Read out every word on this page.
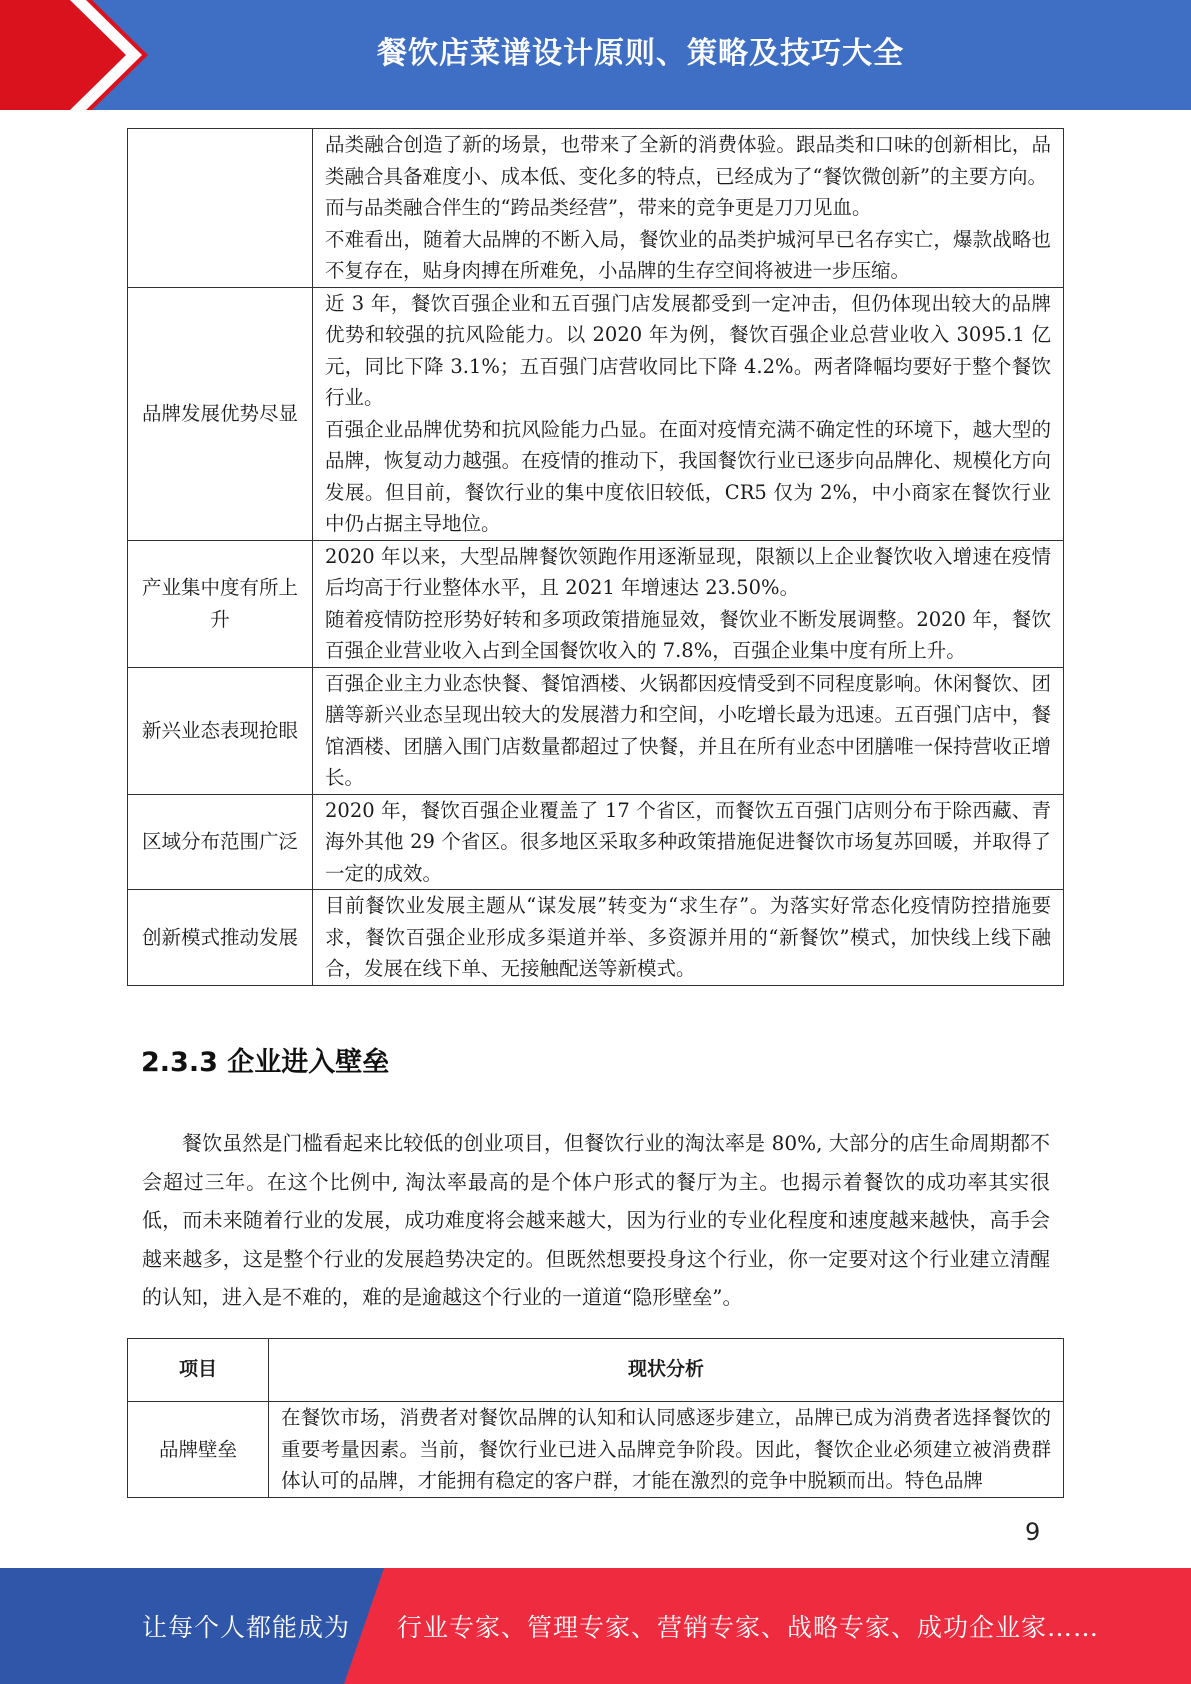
餐饮店菜谱设计原则、策略及技巧大全

	品类融合创造了新的场景，也带来了全新的消费体验。跟品类和口味的创新相比，品类融合具备难度小、成本低、变化多的特点，已经成为了“餐饮微创新”的主要方向。

而与品类融合伴生的“跨品类经营”，带来的竞争更是刀刀见血。

不难看出，随着大品牌的不断入局，餐饮业的品类护城河早已名存实亡，爆款战略也不复存在，贴身肉搏在所难免，小品牌的生存空间将被进一步压缩。

品牌发展优势尽显	近 3 年，餐饮百强企业和五百强门店发展都受到一定冲击，但仍体现出较大的品牌优势和较强的抗风险能力。以 2020 年为例，餐饮百强企业总营业收入 3095.1 亿元，同比下降 3.1%；五百强门店营收同比下降 4.2%。两者降幅均要好于整个餐饮行业。

百强企业品牌优势和抗风险能力凸显。在面对疫情充满不确定性的环境下，越大型的品牌，恢复动力越强。在疫情的推动下，我国餐饮行业已逐步向品牌化、规模化方向发展。但目前，餐饮行业的集中度依旧较低，CR5 仅为 2%，中小商家在餐饮行业中仍占据主导地位。

产业集中度有所上升	2020 年以来，大型品牌餐饮领跑作用逐渐显现，限额以上企业餐饮收入增速在疫情后均高于行业整体水平，且 2021 年增速达 23.50%。

随着疫情防控形势好转和多项政策措施显效，餐饮业不断发展调整。2020 年，餐饮百强企业营业收入占到全国餐饮收入的 7.8%，百强企业集中度有所上升。

新兴业态表现抢眼	百强企业主力业态快餐、餐馆酒楼、火锅都因疫情受到不同程度影响。休闲餐饮、团膳等新兴业态呈现出较大的发展潜力和空间，小吃增长最为迅速。五百强门店中，餐馆酒楼、团膳入围门店数量都超过了快餐，并且在所有业态中团膳唯一保持营收正增长。

区域分布范围广泛	2020 年，餐饮百强企业覆盖了 17 个省区，而餐饮五百强门店则分布于除西藏、青海外其他 29 个省区。很多地区采取多种政策措施促进餐饮市场复苏回暖，并取得了一定的成效。

创新模式推动发展	目前餐饮业发展主题从“谋发展”转变为“求生存”。为落实好常态化疫情防控措施要求，餐饮百强企业形成多渠道并举、多资源并用的“新餐饮”模式，加快线上线下融合，发展在线下单、无接触配送等新模式。

2.3.3 企业进入壁垒

餐饮虽然是门槛看起来比较低的创业项目，但餐饮行业的淘汰率是 80%, 大部分的店生命周期都不会超过三年。在这个比例中, 淘汰率最高的是个体户形式的餐厅为主。也揭示着餐饮的成功率其实很低，而未来随着行业的发展，成功难度将会越来越大，因为行业的专业化程度和速度越来越快，高手会越来越多，这是整个行业的发展趋势决定的。但既然想要投身这个行业，你一定要对这个行业建立清醒的认知，进入是不难的，难的是逾越这个行业的一道道“隐形壁垒”。

项目	现状分析
品牌壁垒	在餐饮市场，消费者对餐饮品牌的认知和认同感逐步建立，品牌已成为消费者选择餐饮的重要考量因素。当前，餐饮行业已进入品牌竞争阶段。因此，餐饮企业必须建立被消费群体认可的品牌，才能拥有稳定的客户群，才能在激烈的竞争中脱颖而出。特色品牌
9
让每个人都能成为 行业专家、管理专家、营销专家、战略专家、成功企业家……
